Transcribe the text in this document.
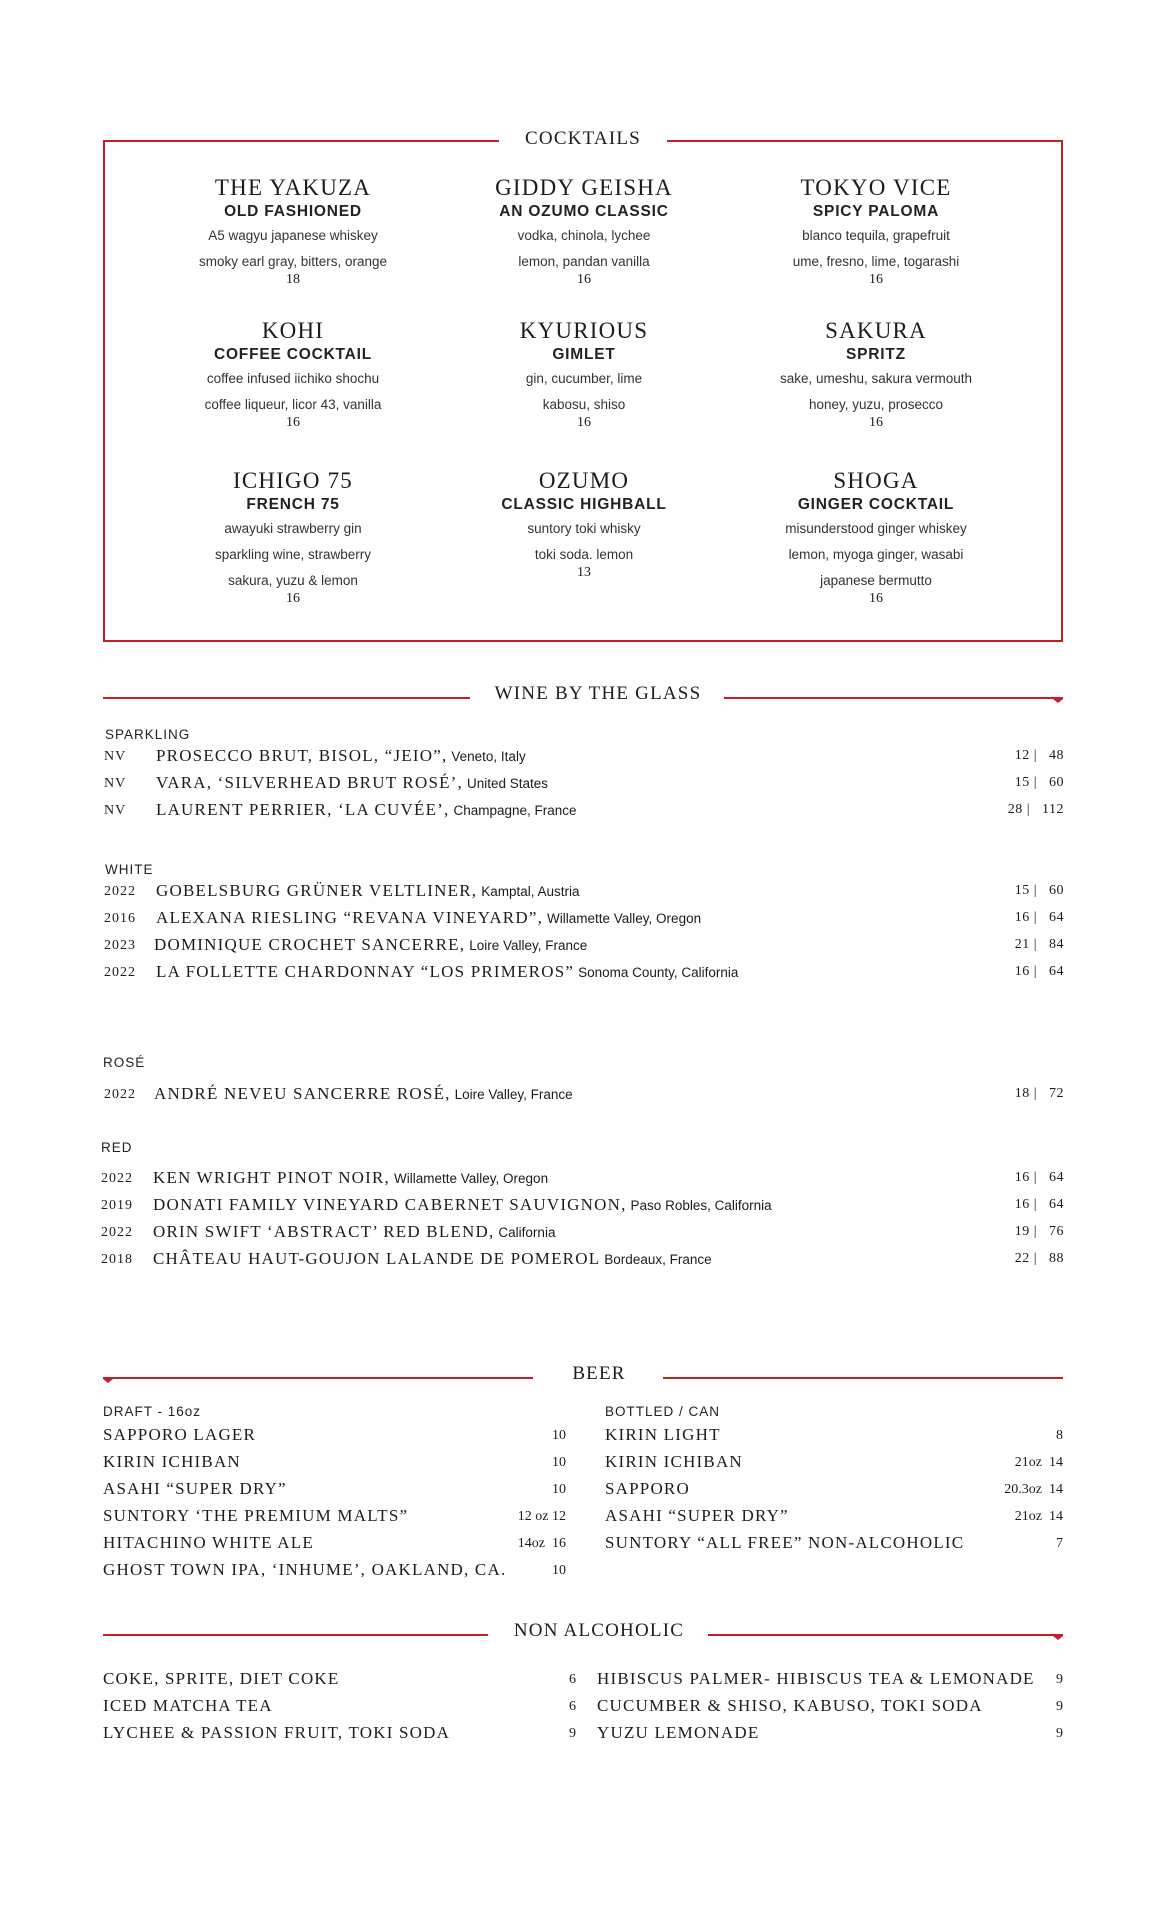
COCKTAILS
THE YAKUZA
OLD FASHIONED
A5 wagyu japanese whiskey
smoky earl gray, bitters, orange
18
GIDDY GEISHA
AN OZUMO CLASSIC
vodka, chinola, lychee
lemon, pandan vanilla
16
TOKYO VICE
SPICY PALOMA
blanco tequila, grapefruit
ume, fresno, lime, togarashi
16
KOHI
COFFEE COCKTAIL
coffee infused iichiko shochu
coffee liqueur, licor 43, vanilla
16
KYURIOUS
GIMLET
gin, cucumber, lime
kabosu, shiso
16
SAKURA
SPRITZ
sake, umeshu, sakura vermouth
honey, yuzu, prosecco
16
ICHIGO 75
FRENCH 75
awayuki strawberry gin
sparkling wine, strawberry
sakura, yuzu & lemon
16
OZUMO
CLASSIC HIGHBALL
suntory toki whisky
toki soda. lemon
13
SHOGA
GINGER COCKTAIL
misunderstood ginger whiskey
lemon, myoga ginger, wasabi
japanese bermutto
16
WINE BY THE GLASS
SPARKLING
WHITE
ROSÉ
RED
NV PROSECCO BRUT, BISOL, “JEIO”, Veneto, Italy	12 |   48
NV VARA, ‘SILVERHEAD BRUT ROSÉ’, United States	15 |   60
NV LAURENT PERRIER, ‘LA CUVÉE’, Champagne, France	28 |   112
2022 GOBELSBURG GRÜNER VELTLINER, Kamptal, Austria	15 |   60
2016 ALEXANA RIESLING “REVANA VINEYARD”, Willamette Valley, Oregon	16 |   64
2023 DOMINIQUE CROCHET SANCERRE, Loire Valley, France	21 |   84
2022 LA FOLLETTE CHARDONNAY “LOS PRIMEROS” Sonoma County, California	16 |   64
2022 ANDRÉ NEVEU SANCERRE ROSÉ, Loire Valley, France	18 |   72
2022 KEN WRIGHT PINOT NOIR, Willamette Valley, Oregon	16 |   64
2019 DONATI FAMILY VINEYARD CABERNET SAUVIGNON, Paso Robles, California	16 |   64
2022 ORIN SWIFT ‘ABSTRACT’ RED BLEND, California	19 |   76
2018 CHÂTEAU HAUT-GOUJON LALANDE DE POMEROL Bordeaux, France	22 |   88
BEER
DRAFT - 16oz	BOTTLED / CAN
SAPPORO LAGER	10
KIRIN ICHIBAN	10
ASAHI “SUPER DRY”	10
SUNTORY ‘THE PREMIUM MALTS”	12 oz 12
HITACHINO WHITE ALE	14oz  16
GHOST TOWN IPA, ‘INHUME’, OAKLAND, CA.	10
KIRIN LIGHT	8
KIRIN ICHIBAN	21oz  14
SAPPORO	20.3oz  14
ASAHI “SUPER DRY”	21oz  14
SUNTORY “ALL FREE” NON-ALCOHOLIC	7
NON ALCOHOLIC
COKE, SPRITE, DIET COKE	6
ICED MATCHA TEA	6
LYCHEE & PASSION FRUIT, TOKI SODA	9
HIBISCUS PALMER- HIBISCUS TEA & LEMONADE 9
CUCUMBER & SHISO, KABUSO, TOKI SODA	9
YUZU LEMONADE	9
